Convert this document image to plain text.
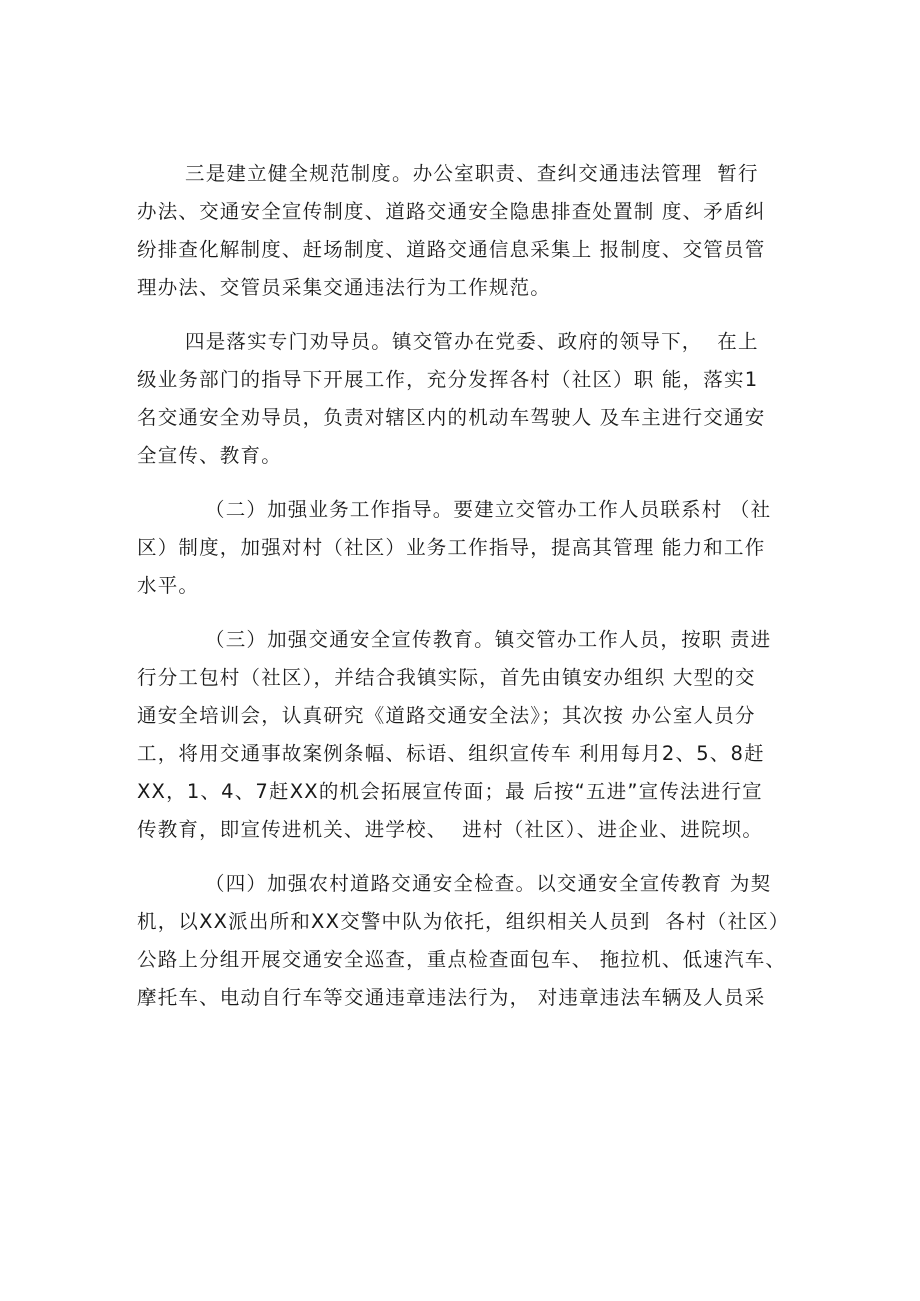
三是建立健全规范制度。办公室职责、查纠交通违法管理  暂行
办法、交通安全宣传制度、道路交通安全隐患排查处置制 度、矛盾纠
纷排查化解制度、赶场制度、道路交通信息采集上 报制度、交管员管
理办法、交管员采集交通违法行为工作规范。
四是落实专门劝导员。镇交管办在党委、政府的领导下，  在上
级业务部门的指导下开展工作，充分发挥各村（社区）职 能，落实1
名交通安全劝导员，负责对辖区内的机动车驾驶人 及车主进行交通安
全宣传、教育。
（二）加强业务工作指导。要建立交管办工作人员联系村 （社
区）制度，加强对村（社区）业务工作指导，提高其管理 能力和工作
水平。
（三）加强交通安全宣传教育。镇交管办工作人员，按职 责进
行分工包村（社区），并结合我镇实际，首先由镇安办组织 大型的交
通安全培训会，认真研究《道路交通安全法》；其次按 办公室人员分
工，将用交通事故案例条幅、标语、组织宣传车 利用每月2、5、8赶
XX，1、4、7赶XX的机会拓展宣传面；最 后按“五进”宣传法进行宣
传教育，即宣传进机关、进学校、  进村（社区）、进企业、进院坝。
（四）加强农村道路交通安全检查。以交通安全宣传教育 为契
机，以XX派出所和XX交警中队为依托，组织相关人员到  各村（社区）
公路上分组开展交通安全巡查，重点检查面包车、 拖拉机、低速汽车、
摩托车、电动自行车等交通违章违法行为， 对违章违法车辆及人员采
